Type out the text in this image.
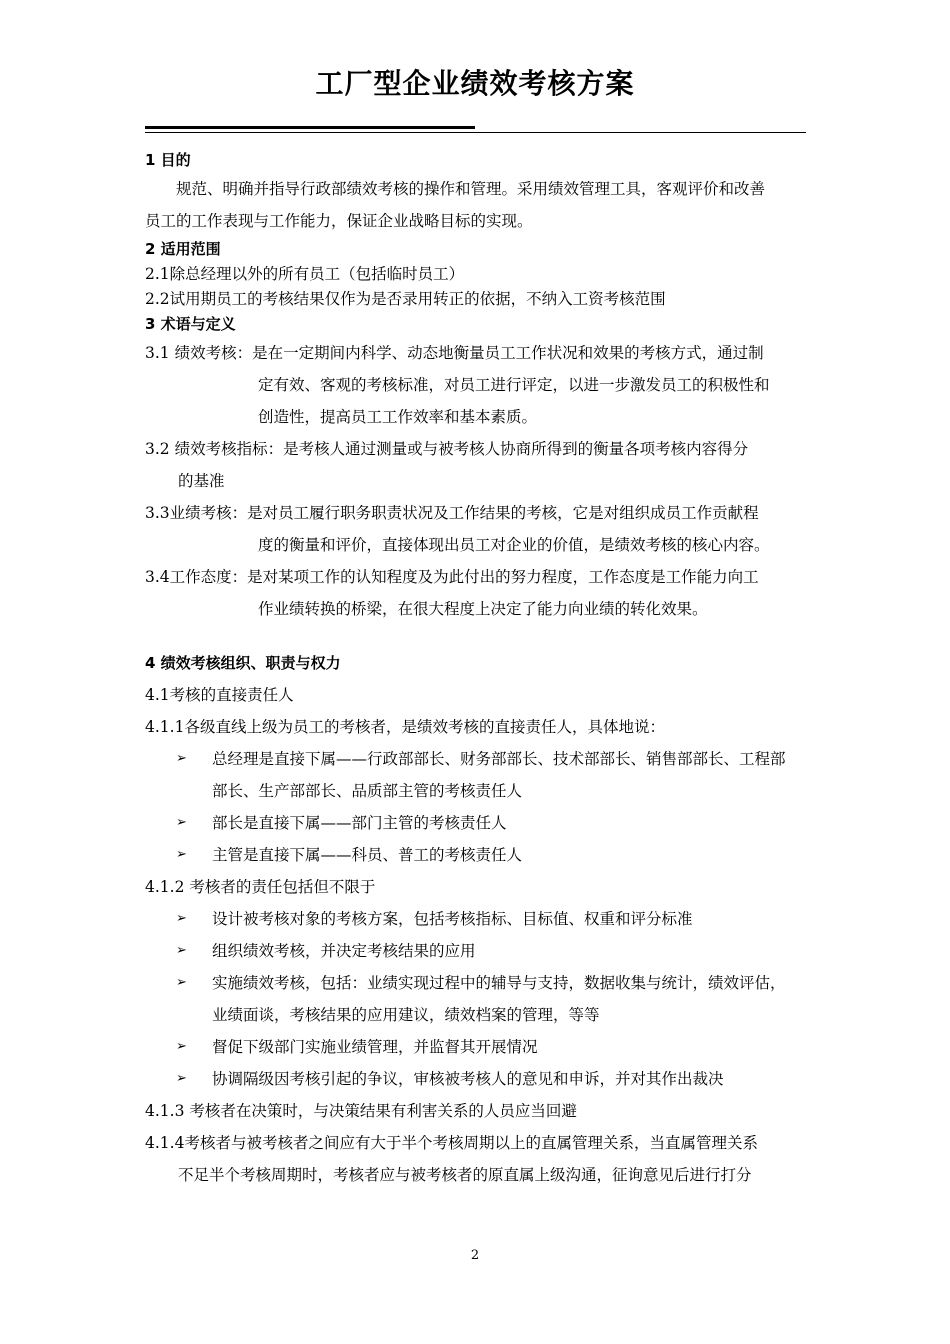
工厂型企业绩效考核方案
1 目的
规范、明确并指导行政部绩效考核的操作和管理。采用绩效管理工具，客观评价和改善
员工的工作表现与工作能力，保证企业战略目标的实现。
2 适用范围
2.1除总经理以外的所有员工（包括临时员工）
2.2试用期员工的考核结果仅作为是否录用转正的依据，不纳入工资考核范围
3 术语与定义
3.1 绩效考核：是在一定期间内科学、动态地衡量员工工作状况和效果的考核方式，通过制
定有效、客观的考核标准，对员工进行评定，以进一步激发员工的积极性和
创造性，提高员工工作效率和基本素质。
3.2 绩效考核指标：是考核人通过测量或与被考核人协商所得到的衡量各项考核内容得分
的基准
3.3业绩考核：是对员工履行职务职责状况及工作结果的考核，它是对组织成员工作贡献程
度的衡量和评价，直接体现出员工对企业的价值，是绩效考核的核心内容。
3.4工作态度：是对某项工作的认知程度及为此付出的努力程度，工作态度是工作能力向工
作业绩转换的桥梁，在很大程度上决定了能力向业绩的转化效果。
4 绩效考核组织、职责与权力
4.1考核的直接责任人
4.1.1各级直线上级为员工的考核者，是绩效考核的直接责任人，具体地说：
➢ 总经理是直接下属——行政部部长、财务部部长、技术部部长、销售部部长、工程部
部长、生产部部长、品质部主管的考核责任人
➢ 部长是直接下属——部门主管的考核责任人
➢ 主管是直接下属——科员、普工的考核责任人
4.1.2 考核者的责任包括但不限于
➢ 设计被考核对象的考核方案，包括考核指标、目标值、权重和评分标准
➢ 组织绩效考核，并决定考核结果的应用
➢ 实施绩效考核，包括：业绩实现过程中的辅导与支持，数据收集与统计，绩效评估，
业绩面谈，考核结果的应用建议，绩效档案的管理，等等
➢ 督促下级部门实施业绩管理，并监督其开展情况
➢ 协调隔级因考核引起的争议，审核被考核人的意见和申诉，并对其作出裁决
4.1.3 考核者在决策时，与决策结果有利害关系的人员应当回避
4.1.4考核者与被考核者之间应有大于半个考核周期以上的直属管理关系，当直属管理关系
不足半个考核周期时，考核者应与被考核者的原直属上级沟通，征询意见后进行打分
2
